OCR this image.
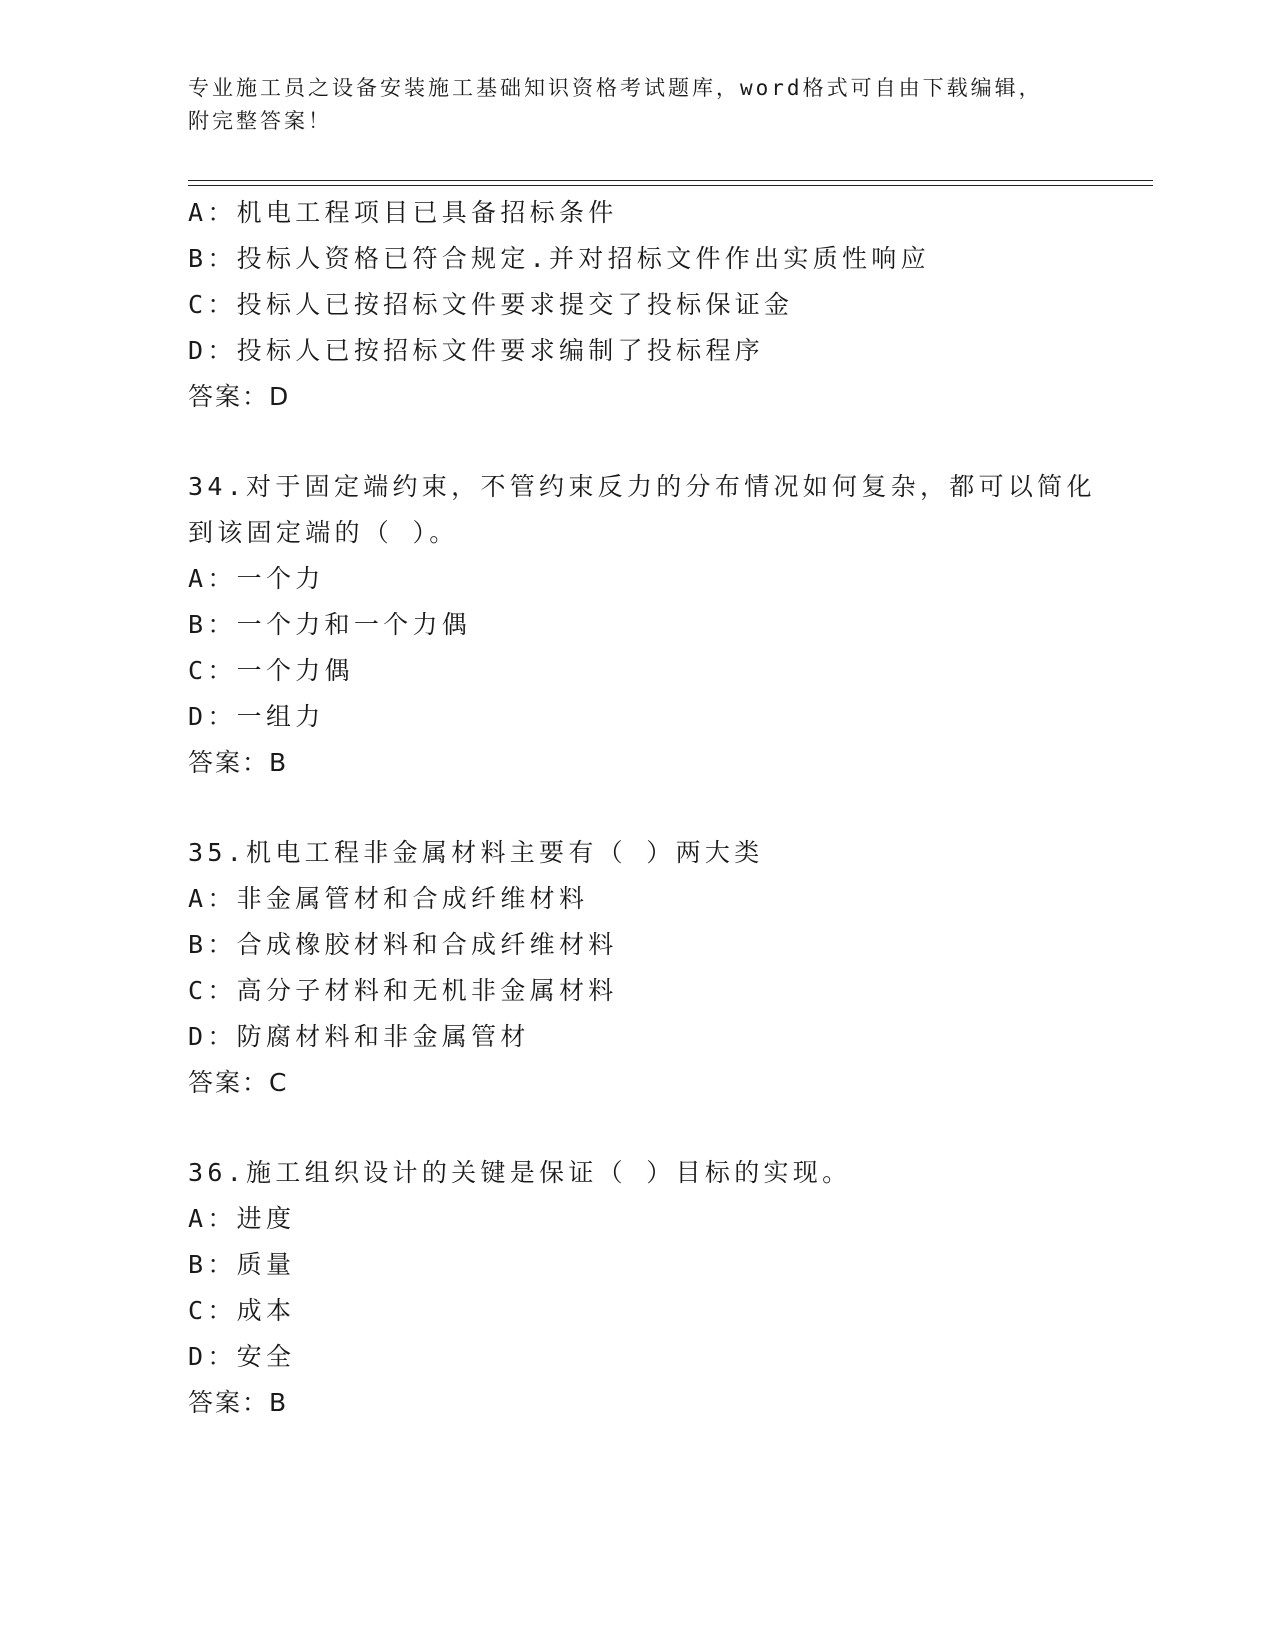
专业施工员之设备安装施工基础知识资格考试题库，word格式可自由下载编辑，
附完整答案！
A：机电工程项目已具备招标条件
B：投标人资格已符合规定.并对招标文件作出实质性响应
C：投标人已按招标文件要求提交了投标保证金
D：投标人已按招标文件要求编制了投标程序
答案：D
34.对于固定端约束，不管约束反力的分布情况如何复杂，都可以简化
到该固定端的（ ）。
A：一个力
B：一个力和一个力偶
C：一个力偶
D：一组力
答案：B
35.机电工程非金属材料主要有（ ）两大类
A：非金属管材和合成纤维材料
B：合成橡胶材料和合成纤维材料
C：高分子材料和无机非金属材料
D：防腐材料和非金属管材
答案：C
36.施工组织设计的关键是保证（ ）目标的实现。
A：进度
B：质量
C：成本
D：安全
答案：B
